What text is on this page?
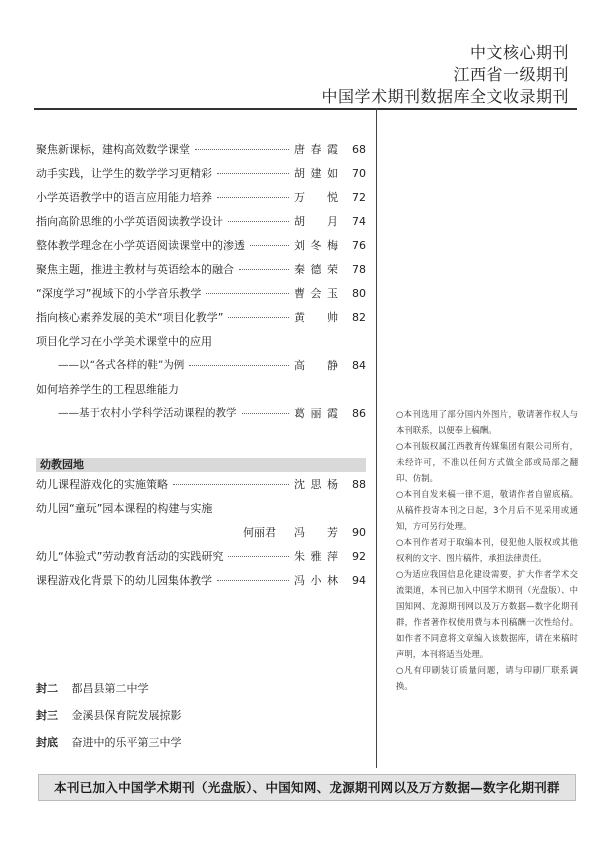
中文核心期刊
江西省一级期刊
中国学术期刊数据库全文收录期刊
聚焦新课标，建构高效数学课堂	唐春霞	68
动手实践，让学生的数学学习更精彩	胡建如	70
小学英语教学中的语言应用能力培养	万　悦	72
指向高阶思维的小学英语阅读教学设计	胡　月	74
整体教学理念在小学英语阅读课堂中的渗透	刘冬梅	76
聚焦主题，推进主教材与英语绘本的融合	秦德荣	78
“深度学习”视域下的小学音乐教学	曹会玉	80
指向核心素养发展的美术“项目化教学”	黄　帅	82
项目化学习在小学美术课堂中的应用
——以“各式各样的鞋”为例	高　静	84
如何培养学生的工程思维能力
——基于农村小学科学活动课程的教学	葛丽霞	86
幼教园地
幼儿课程游戏化的实施策略	沈思杨	88
幼儿园“童玩”园本课程的构建与实施
何丽君 冯　芳	90
幼儿“体验式”劳动教育活动的实践研究	朱雅萍	92
课程游戏化背景下的幼儿园集体教学	冯小林	94
封二 都昌县第二中学
封三 金溪县保育院发展掠影
封底 奋进中的乐平第三中学

○本刊选用了部分国内外图片，敬请著作权人与本刊联系，以便奉上稿酬。

○本刊版权属江西教育传媒集团有限公司所有，未经许可，不准以任何方式做全部或局部之翻印、仿制。

○本刊自发来稿一律不退，敬请作者自留底稿。从稿件投寄本刊之日起，3个月后不见采用或通知，方可另行处理。

○本刊作者对于取编本刊，侵犯他人版权或其他权利的文字、图片稿件，承担法律责任。

○为适应我国信息化建设需要，扩大作者学术交流渠道，本刊已加入中国学术期刊（光盘版）、中国知网、龙源期刊网以及万方数据—数字化期刊群，作者著作权使用费与本刊稿酬一次性给付。如作者不同意将文章编入该数据库，请在来稿时声明，本刊将适当处理。

○凡有印刷装订质量问题，请与印刷厂联系调换。

本刊已加入中国学术期刊（光盘版）、中国知网、龙源期刊网以及万方数据—数字化期刊群
